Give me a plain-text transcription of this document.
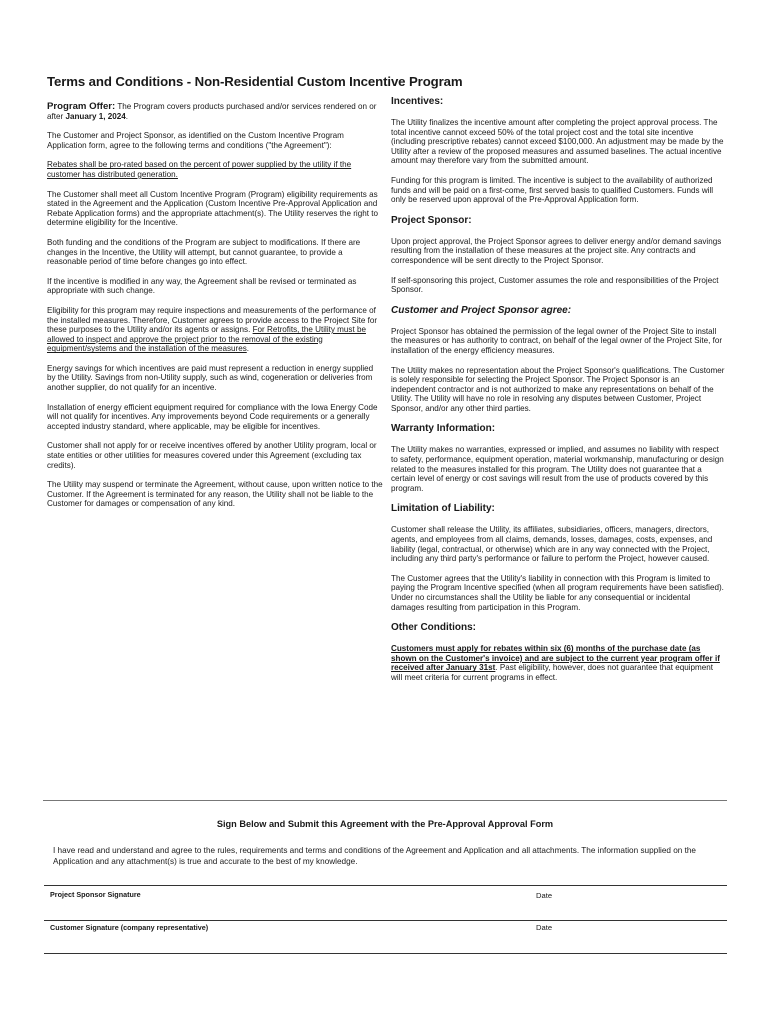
Terms and Conditions - Non-Residential Custom Incentive Program

Program Offer: The Program covers products purchased and/or services rendered on or after January 1, 2024.

The Customer and Project Sponsor, as identified on the Custom Incentive Program Application form, agree to the following terms and conditions ("the Agreement"):

Rebates shall be pro-rated based on the percent of power supplied by the utility if the customer has distributed generation.

The Customer shall meet all Custom Incentive Program (Program) eligibility requirements as stated in the Agreement and the Application (Custom Incentive Pre-Approval Application and Rebate Application forms) and the appropriate attachment(s). The Utility reserves the right to determine eligibility for the Incentive.

Both funding and the conditions of the Program are subject to modifications. If there are changes in the Incentive, the Utility will attempt, but cannot guarantee, to provide a reasonable period of time before changes go into effect.

If the incentive is modified in any way, the Agreement shall be revised or terminated as appropriate with such change.

Eligibility for this program may require inspections and measurements of the performance of the installed measures. Therefore, Customer agrees to provide access to the Project Site for these purposes to the Utility and/or its agents or assigns. For Retrofits, the Utility must be allowed to inspect and approve the project prior to the removal of the existing equipment/systems and the installation of the measures.

Energy savings for which incentives are paid must represent a reduction in energy supplied by the Utility. Savings from non-Utility supply, such as wind, cogeneration or deliveries from another supplier, do not qualify for an incentive.

Installation of energy efficient equipment required for compliance with the Iowa Energy Code will not qualify for incentives. Any improvements beyond Code requirements or a generally accepted industry standard, where applicable, may be eligible for incentives.

Customer shall not apply for or receive incentives offered by another Utility program, local or state entities or other utilities for measures covered under this Agreement (excluding tax credits).

The Utility may suspend or terminate the Agreement, without cause, upon written notice to the Customer. If the Agreement is terminated for any reason, the Utility shall not be liable to the Customer for damages or compensation of any kind.

Incentives:

The Utility finalizes the incentive amount after completing the project approval process. The total incentive cannot exceed 50% of the total project cost and the total site incentive (including prescriptive rebates) cannot exceed $100,000. An adjustment may be made by the Utility after a review of the proposed measures and assumed baselines. The actual incentive amount may therefore vary from the submitted amount.

Funding for this program is limited. The incentive is subject to the availability of authorized funds and will be paid on a first-come, first served basis to qualified Customers. Funds will only be reserved upon approval of the Pre-Approval Application form.

Project Sponsor:

Upon project approval, the Project Sponsor agrees to deliver energy and/or demand savings resulting from the installation of these measures at the project site. Any contracts and correspondence will be sent directly to the Project Sponsor.

If self-sponsoring this project, Customer assumes the role and responsibilities of the Project Sponsor.

Customer and Project Sponsor agree:

Project Sponsor has obtained the permission of the legal owner of the Project Site to install the measures or has authority to contract, on behalf of the legal owner of the Project Site, for installation of the energy efficiency measures.

The Utility makes no representation about the Project Sponsor's qualifications. The Customer is solely responsible for selecting the Project Sponsor. The Project Sponsor is an independent contractor and is not authorized to make any representations on behalf of the Utility. The Utility will have no role in resolving any disputes between Customer, Project Sponsor, and/or any other third parties.

Warranty Information:

The Utility makes no warranties, expressed or implied, and assumes no liability with respect to safety, performance, equipment operation, material workmanship, manufacturing or design related to the measures installed for this program. The Utility does not guarantee that a certain level of energy or cost savings will result from the use of products covered by this program.

Limitation of Liability:

Customer shall release the Utility, its affiliates, subsidiaries, officers, managers, directors, agents, and employees from all claims, demands, losses, damages, costs, expenses, and liability (legal, contractual, or otherwise) which are in any way connected with the Project, including any third party's performance or failure to perform the Project, however caused.

The Customer agrees that the Utility's liability in connection with this Program is limited to paying the Program Incentive specified (when all program requirements have been satisfied). Under no circumstances shall the Utility be liable for any consequential or incidental damages resulting from participation in this Program.

Other Conditions:

Customers must apply for rebates within six (6) months of the purchase date (as shown on the Customer's invoice) and are subject to the current year program offer if received after January 31st. Past eligibility, however, does not guarantee that equipment will meet criteria for current programs in effect.

Sign Below and Submit this Agreement with the Pre-Approval Approval Form
I have read and understand and agree to the rules, requirements and terms and conditions of the Agreement and Application and all attachments. The information supplied on the Application and any attachment(s) is true and accurate to the best of my knowledge.
Project Sponsor Signature	Date
Customer Signature (company representative)	Date
